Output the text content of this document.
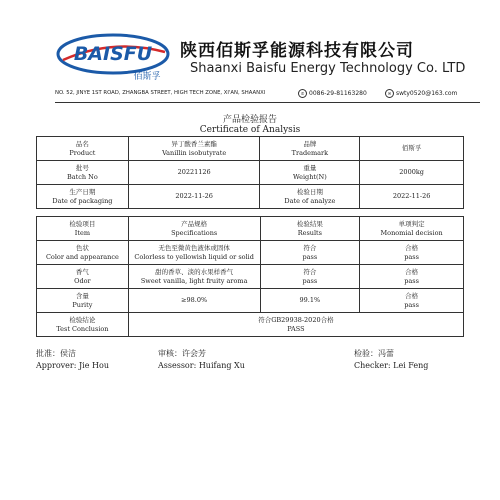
BAISFU
佰斯孚
陕西佰斯孚能源科技有限公司
Shaanxi Baisfu Energy Technology Co. LTD
NO. 52, JINYE 1ST ROAD, ZHANGBA STREET, HIGH TECH ZONE, XI'AN, SHAANXI	✆ 0086-29-81163280	✉ swty0520@163.com
产品检验报告
Certificate of Analysis
品名
Product	异丁酸香兰素酯
Vanillin isobutyrate	品牌
Trademark	佰斯孚

批号
Batch No	20221126	重量
Weight(N)	2000kg

生产日期
Date of packaging	2022-11-26	检验日期
Date of analyze	2022-11-26
检验项目
Item	产品规格
Specifications	检验结果
Results	单项判定
Monomial decision

色状
Color and appearance	无色至微黄色液体或固体
Colorless to yellowish liquid or solid	符合
pass	合格
pass

香气
Odor	甜的香草、淡的水果样香气
Sweet vanilla, light fruity aroma	符合
pass	合格
pass

含量
Purity	≥98.0%	99.1%	合格
pass

检验结论
Test Conclusion	符合GB29938-2020合格
PASS		
批准：侯洁
Approver: Jie Hou
审核：许会芳
Assessor: Huifang Xu
检验：冯蕾
Checker: Lei Feng
